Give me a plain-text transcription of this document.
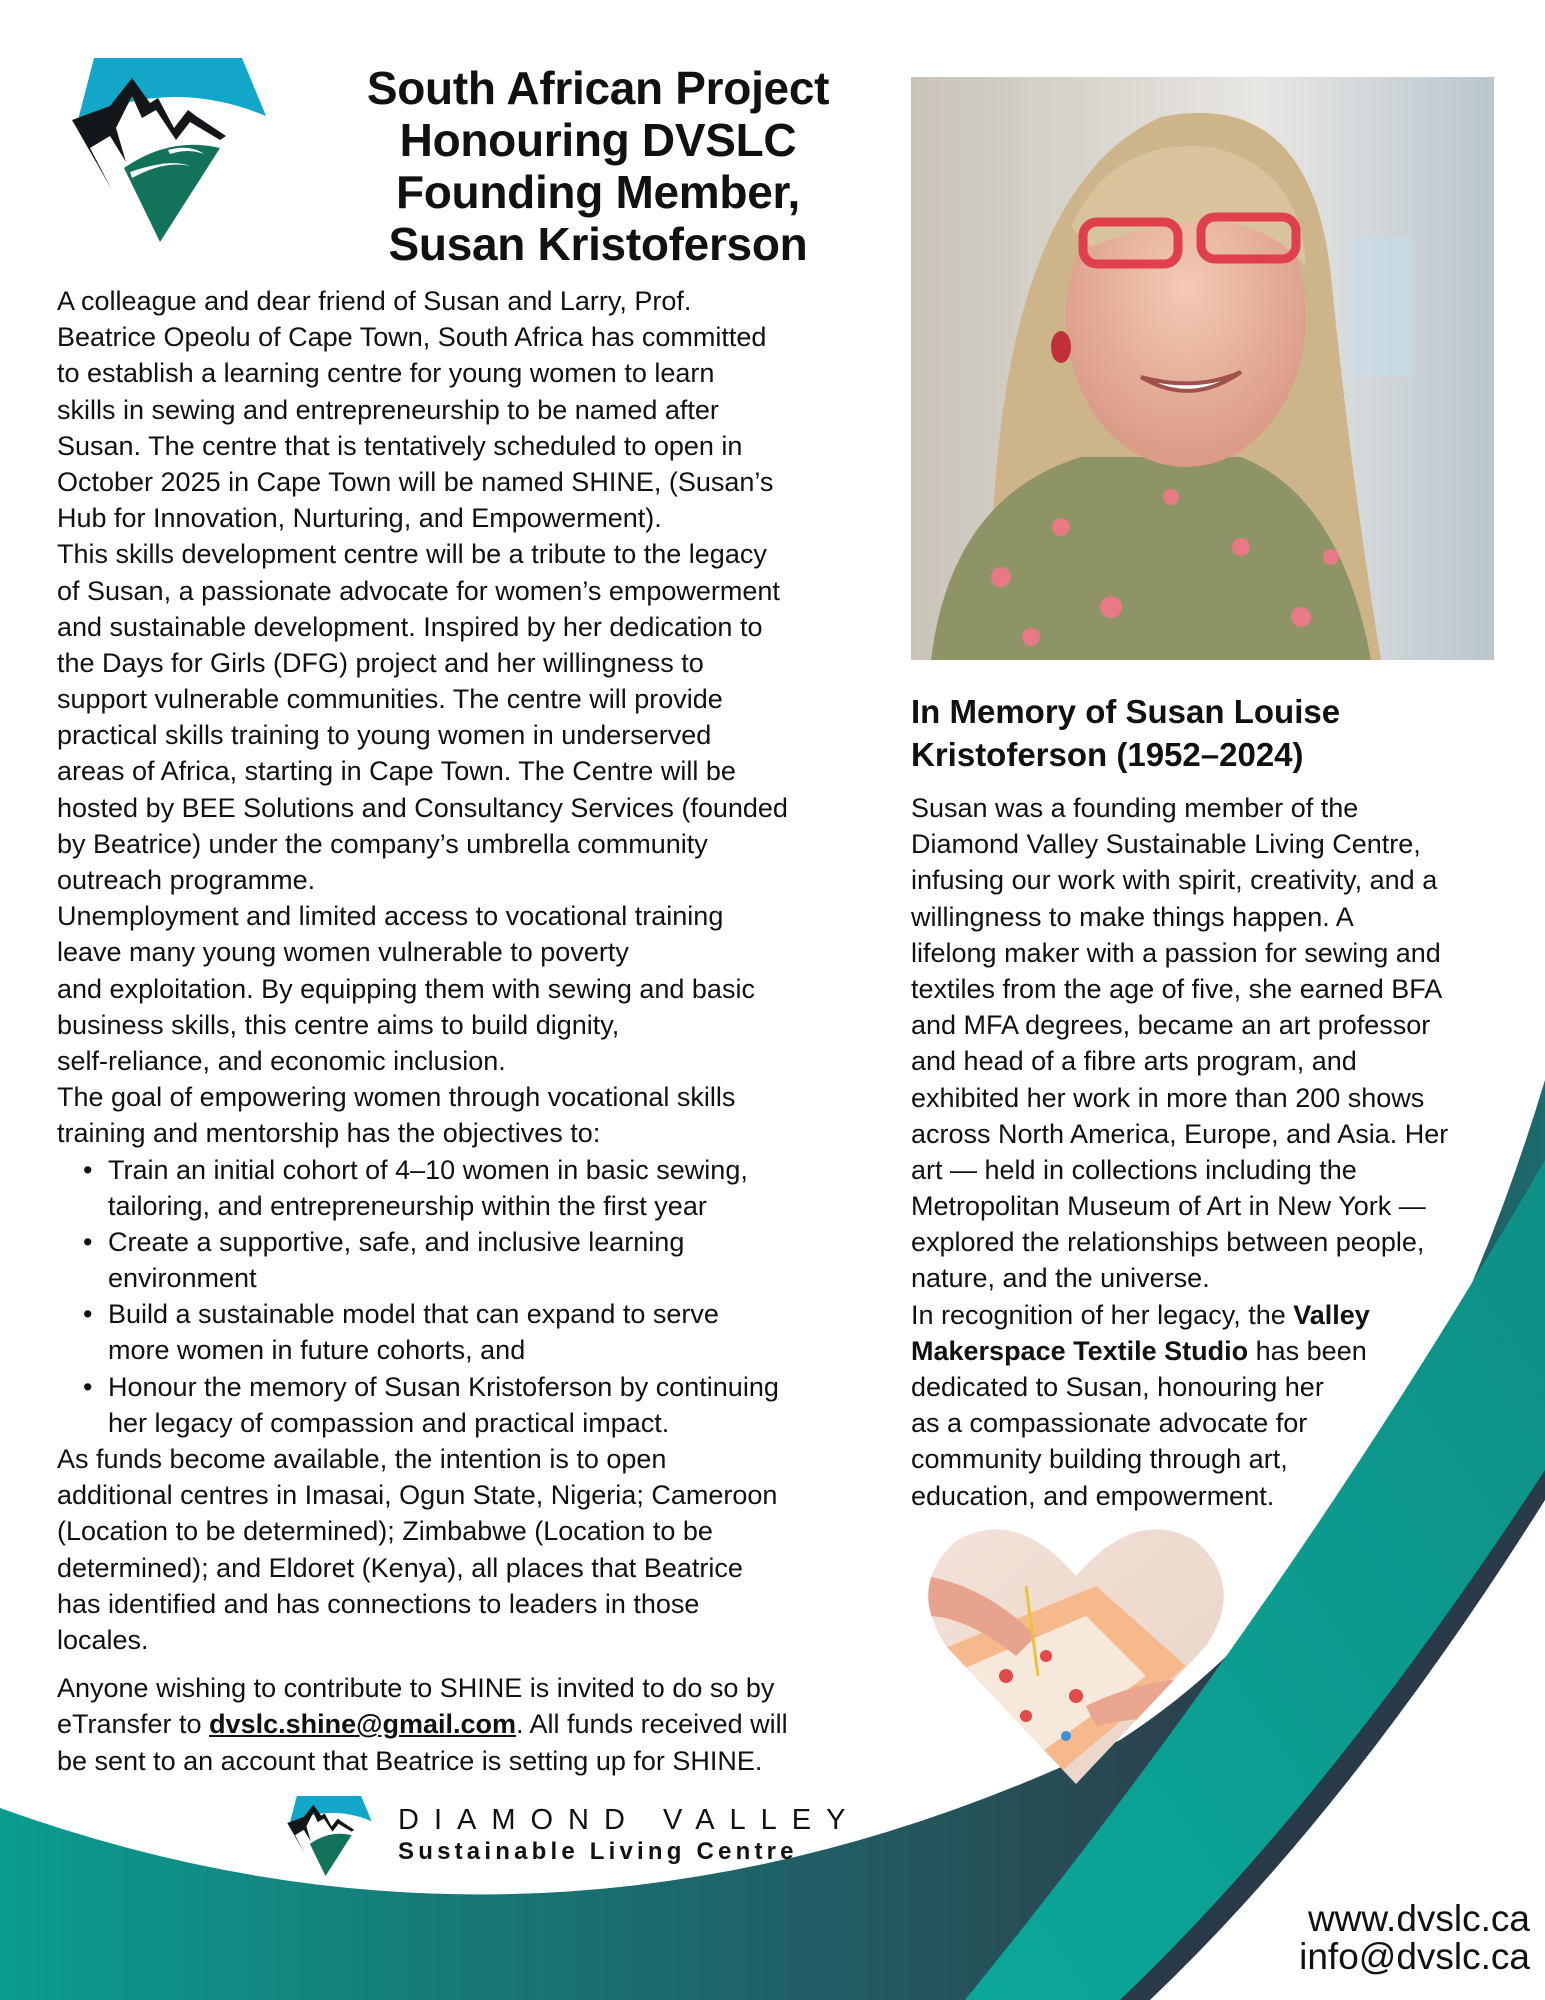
South African Project
Honouring DVSLC
Founding Member,
Susan Kristoferson
A colleague and dear friend of Susan and Larry, Prof.
Beatrice Opeolu of Cape Town, South Africa has committed
to establish a learning centre for young women to learn
skills in sewing and entrepreneurship to be named after
Susan. The centre that is tentatively scheduled to open in
October 2025 in Cape Town will be named SHINE, (Susan’s
Hub for Innovation, Nurturing, and Empowerment).
This skills development centre will be a tribute to the legacy
of Susan, a passionate advocate for women’s empowerment
and sustainable development. Inspired by her dedication to
the Days for Girls (DFG) project and her willingness to
support vulnerable communities. The centre will provide
practical skills training to young women in underserved
areas of Africa, starting in Cape Town. The Centre will be
hosted by BEE Solutions and Consultancy Services (founded
by Beatrice) under the company’s umbrella community
outreach programme.
Unemployment and limited access to vocational training
leave many young women vulnerable to poverty
and exploitation. By equipping them with sewing and basic
business skills, this centre aims to build dignity,
self-reliance, and economic inclusion.
The goal of empowering women through vocational skills
training and mentorship has the objectives to:
• Train an initial cohort of 4–10 women in basic sewing,
tailoring, and entrepreneurship within the first year
• Create a supportive, safe, and inclusive learning
environment
• Build a sustainable model that can expand to serve
more women in future cohorts, and
• Honour the memory of Susan Kristoferson by continuing
her legacy of compassion and practical impact.
As funds become available, the intention is to open
additional centres in Imasai, Ogun State, Nigeria; Cameroon
(Location to be determined); Zimbabwe (Location to be
determined); and Eldoret (Kenya), all places that Beatrice
has identified and has connections to leaders in those
locales.
Anyone wishing to contribute to SHINE is invited to do so by
eTransfer to dvslc.shine@gmail.com. All funds received will
be sent to an account that Beatrice is setting up for SHINE.
In Memory of Susan Louise
Kristoferson (1952–2024)
Susan was a founding member of the
Diamond Valley Sustainable Living Centre,
infusing our work with spirit, creativity, and a
willingness to make things happen. A
lifelong maker with a passion for sewing and
textiles from the age of five, she earned BFA
and MFA degrees, became an art professor
and head of a fibre arts program, and
exhibited her work in more than 200 shows
across North America, Europe, and Asia. Her
art — held in collections including the
Metropolitan Museum of Art in New York —
explored the relationships between people,
nature, and the universe.
In recognition of her legacy, the Valley
Makerspace Textile Studio has been
dedicated to Susan, honouring her
as a compassionate advocate for
community building through art,
education, and empowerment.
DIAMOND VALLEY
Sustainable Living Centre
www.dvslc.ca
info@dvslc.ca
